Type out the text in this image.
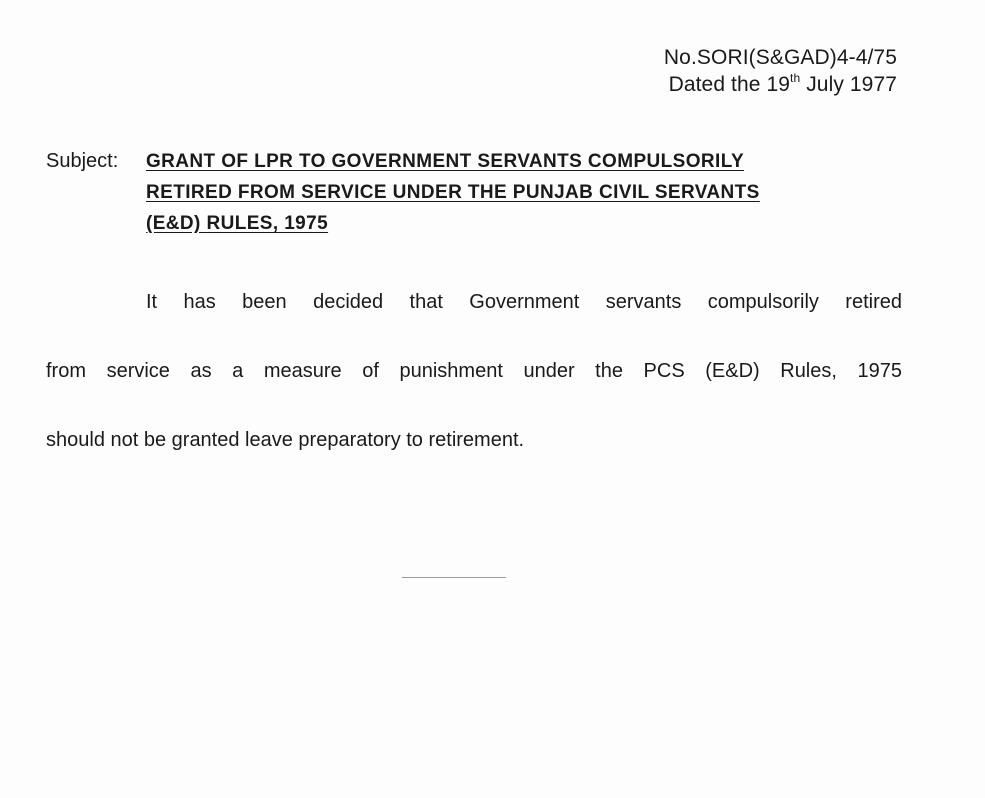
No.SORI(S&GAD)4-4/75
Dated the 19th July 1977
Subject:	GRANT OF LPR TO GOVERNMENT SERVANTS COMPULSORILY
RETIRED FROM SERVICE UNDER THE PUNJAB CIVIL SERVANTS
(E&D) RULES, 1975
It has been decided that Government servants compulsorily retired
from service as a measure of punishment under the PCS (E&D) Rules, 1975
should not be granted leave preparatory to retirement.
